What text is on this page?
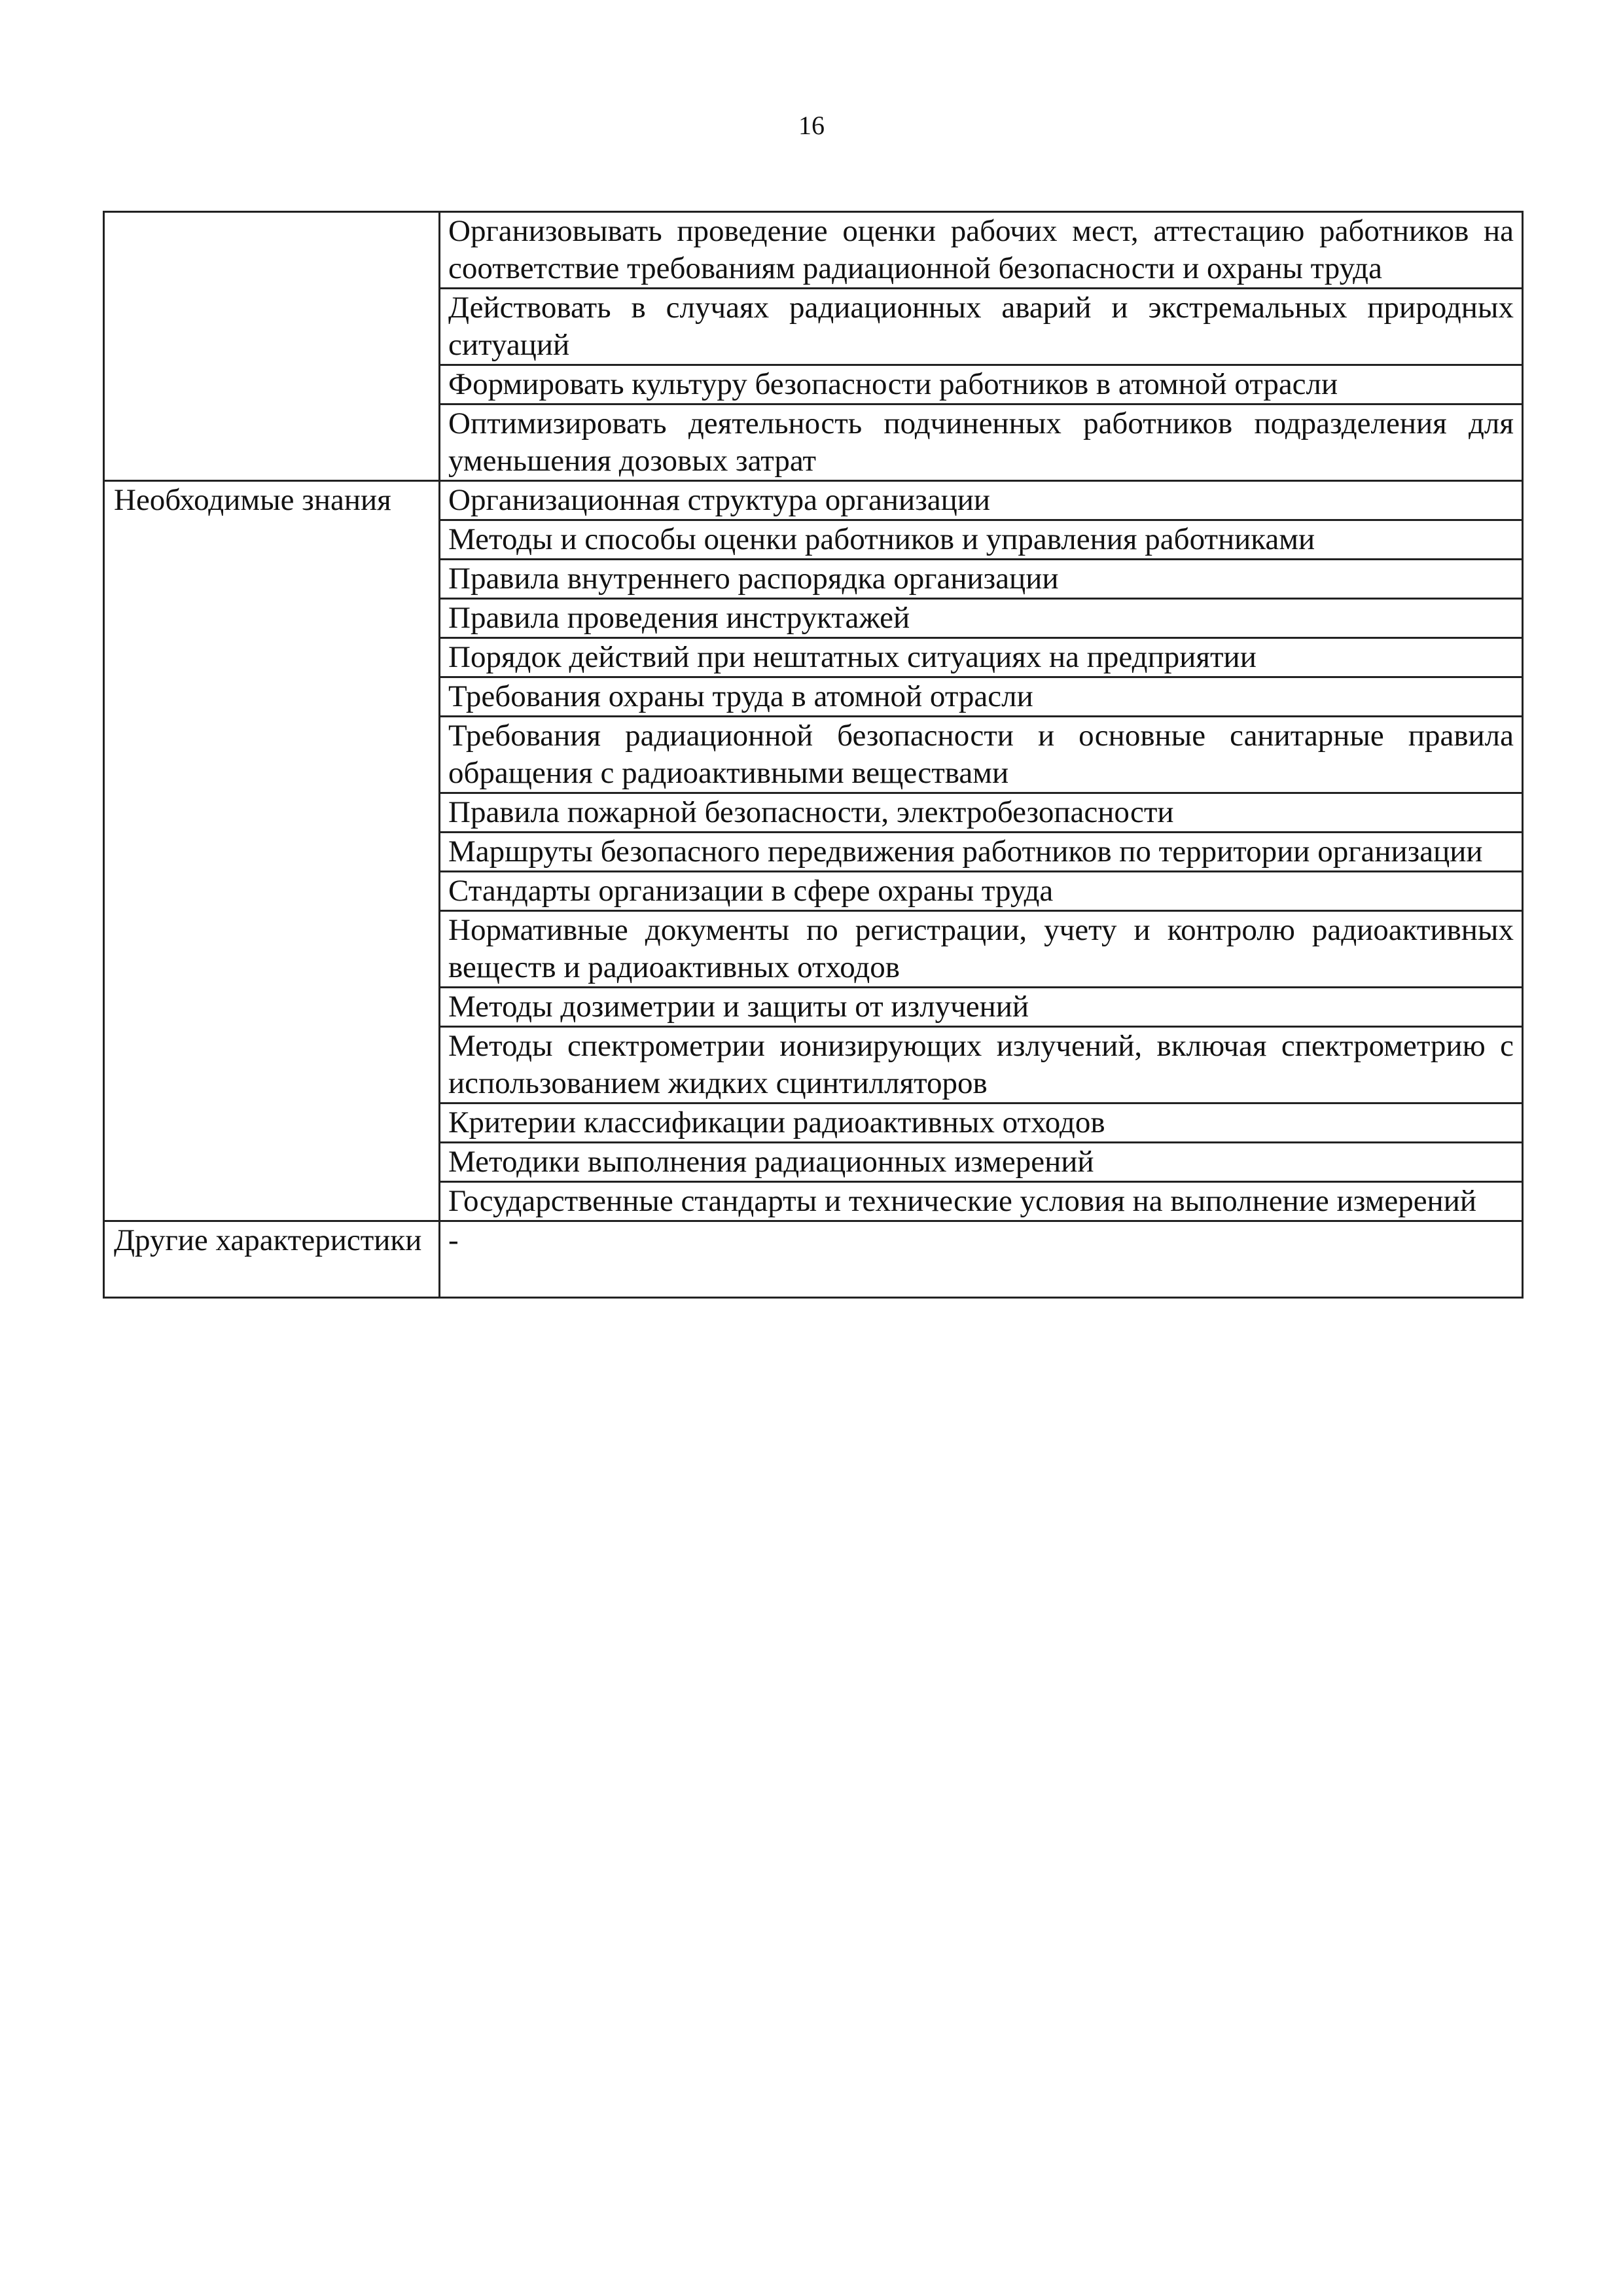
16
	Организовывать проведение оценки рабочих мест, аттестацию работников на соответствие требованиям радиационной безопасности и охраны труда
	Действовать в случаях радиационных аварий и экстремальных природных ситуаций
	Формировать культуру безопасности работников в атомной отрасли
	Оптимизировать деятельность подчиненных работников подразделения для уменьшения дозовых затрат
Необходимые знания	Организационная структура организации
	Методы и способы оценки работников и управления работниками
	Правила внутреннего распорядка организации
	Правила проведения инструктажей
	Порядок действий при нештатных ситуациях на предприятии
	Требования охраны труда в атомной отрасли
	Требования радиационной безопасности и основные санитарные правила обращения с радиоактивными веществами
	Правила пожарной безопасности, электробезопасности
	Маршруты безопасного передвижения работников по территории организации
	Стандарты организации в сфере охраны труда
	Нормативные документы по регистрации, учету и контролю радиоактивных веществ и радиоактивных отходов
	Методы дозиметрии и защиты от излучений
	Методы спектрометрии ионизирующих излучений, включая спектрометрию с использованием жидких сцинтилляторов
	Критерии классификации радиоактивных отходов
	Методики выполнения радиационных измерений
	Государственные стандарты и технические условия на выполнение измерений
Другие характеристики	-
